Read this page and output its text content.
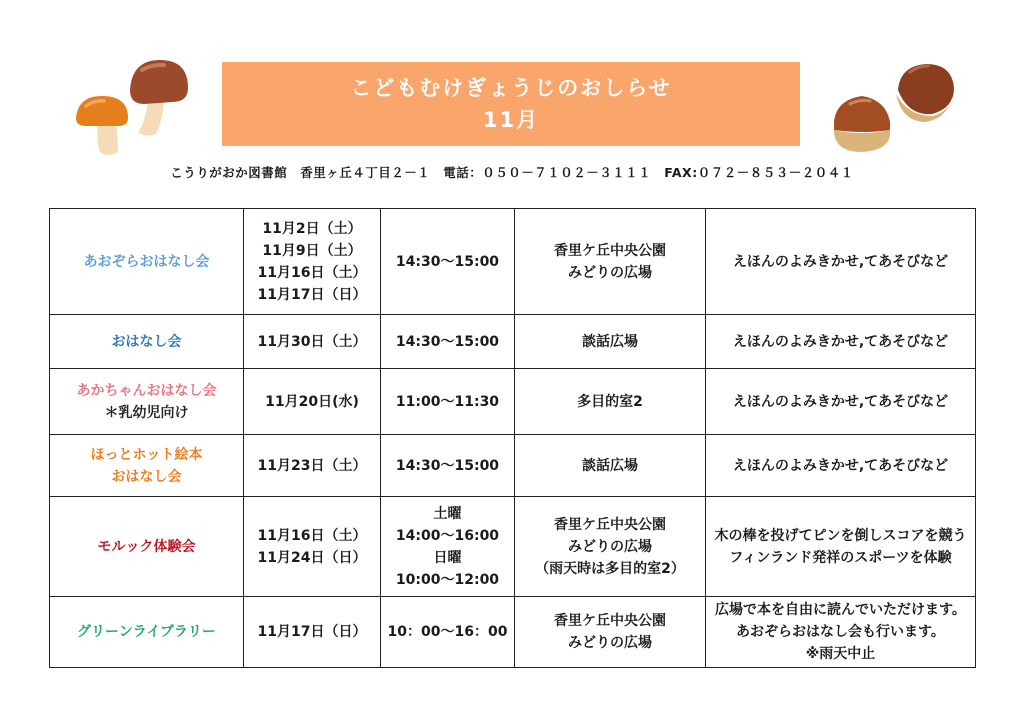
こどもむけぎょうじのおしらせ
11月
こうりがおか図書館　香里ヶ丘４丁目２－１　電話：０５０－７１０２－３１１１　FAX:０７２－８５３－２０４１
あおぞらおはなし会	11月2日（土）
11月9日（土）
11月16日（土）
11月17日（日）	14:30～15:00	香里ケ丘中央公園
みどりの広場	えほんのよみきかせ,てあそびなど

おはなし会	11月30日（土）	14:30～15:00	談話広場	えほんのよみきかせ,てあそびなど

あかちゃんおはなし会
＊乳幼児向け	11月20日(水)	11:00～11:30	多目的室2	えほんのよみきかせ,てあそびなど

ほっとホット絵本
おはなし会	11月23日（土）	14:30～15:00	談話広場	えほんのよみきかせ,てあそびなど

モルック体験会	11月16日（土）
11月24日（日）	土曜
14:00～16:00
日曜
10:00～12:00	香里ケ丘中央公園
みどりの広場
（雨天時は多目的室2）	木の棒を投げてピンを倒しスコアを競う
フィンランド発祥のスポーツを体験

グリーンライブラリー	11月17日（日）	10：00～16：00	香里ケ丘中央公園
みどりの広場	広場で本を自由に読んでいただけます。
あおぞらおはなし会も行います。
※雨天中止
